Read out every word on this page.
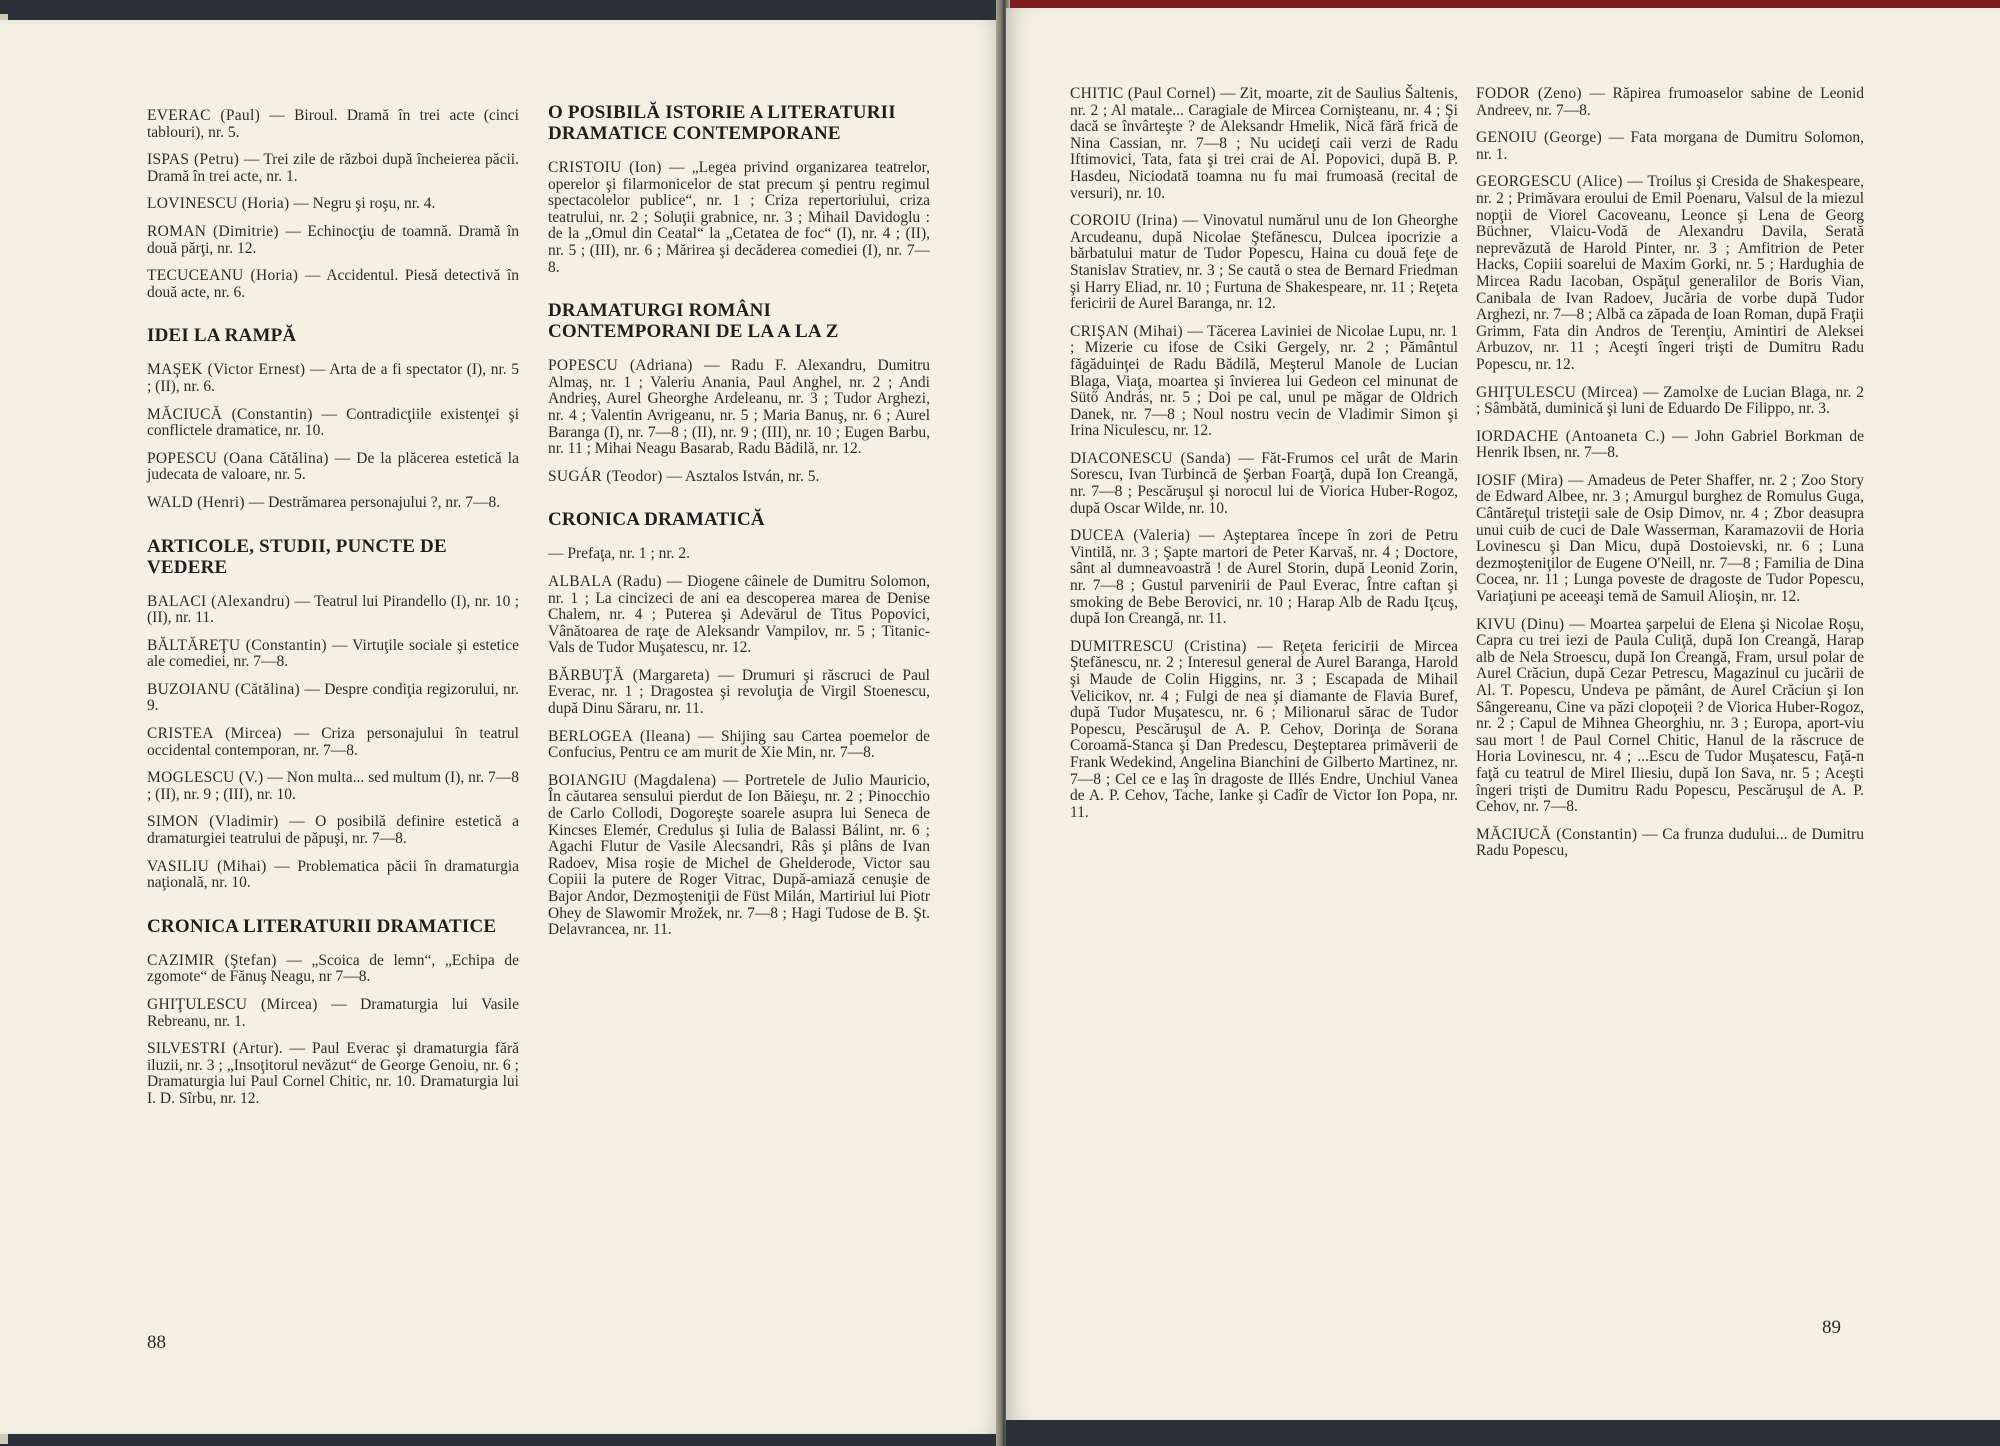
EVERAC (Paul) — Biroul. Dramă în trei acte (cinci tablouri), nr. 5.
ISPAS (Petru) — Trei zile de război după încheierea păcii. Dramă în trei acte, nr. 1.
LOVINESCU (Horia) — Negru şi roşu, nr. 4.
ROMAN (Dimitrie) — Echinocţiu de toamnă. Dramă în două părţi, nr. 12.
TECUCEANU (Horia) — Accidentul. Piesă detectivă în două acte, nr. 6.
IDEI LA RAMPĂ
MAŞEK (Victor Ernest) — Arta de a fi spectator (I), nr. 5 ; (II), nr. 6.
MĂCIUCĂ (Constantin) — Contradicţiile existenţei şi conflictele dramatice, nr. 10.
POPESCU (Oana Cătălina) — De la plăcerea estetică la judecata de valoare, nr. 5.
WALD (Henri) — Destrămarea personajului ?, nr. 7—8.
ARTICOLE, STUDII, PUNCTE DE VEDERE
BALACI (Alexandru) — Teatrul lui Pirandello (I), nr. 10 ; (II), nr. 11.
BĂLTĂREŢU (Constantin) — Virtuţile sociale şi estetice ale comediei, nr. 7—8.
BUZOIANU (Cătălina) — Despre condiţia regizorului, nr. 9.
CRISTEA (Mircea) — Criza personajului în teatrul occidental contemporan, nr. 7—8.
MOGLESCU (V.) — Non multa... sed multum (I), nr. 7—8 ; (II), nr. 9 ; (III), nr. 10.
SIMON (Vladimir) — O posibilă definire estetică a dramaturgiei teatrului de păpuşi, nr. 7—8.
VASILIU (Mihai) — Problematica păcii în dramaturgia naţională, nr. 10.
CRONICA LITERATURII DRAMATICE
CAZIMIR (Ştefan) — „Scoica de lemn“, „Echipa de zgomote“ de Fănuş Neagu, nr 7—8.
GHIŢULESCU (Mircea) — Dramaturgia lui Vasile Rebreanu, nr. 1.
SILVESTRI (Artur). — Paul Everac şi dramaturgia fără iluzii, nr. 3 ; „Insoţitorul nevăzut“ de George Genoiu, nr. 6 ; Dramaturgia lui Paul Cornel Chitic, nr. 10. Dramaturgia lui I. D. Sîrbu, nr. 12.
O POSIBILĂ ISTORIE A LITERATURII DRAMATICE CONTEMPORANE
CRISTOIU (Ion) — „Legea privind organizarea teatrelor, operelor şi filarmonicelor de stat precum şi pentru regimul spectacolelor publice“, nr. 1 ; Criza repertoriului, criza teatrului, nr. 2 ; Soluţii grabnice, nr. 3 ; Mihail Davidoglu : de la „Omul din Ceatal“ la „Cetatea de foc“ (I), nr. 4 ; (II), nr. 5 ; (III), nr. 6 ; Mărirea şi decăderea comediei (I), nr. 7—8.
DRAMATURGI ROMÂNI CONTEMPORANI DE LA A LA Z
POPESCU (Adriana) — Radu F. Alexandru, Dumitru Almaş, nr. 1 ; Valeriu Anania, Paul Anghel, nr. 2 ; Andi Andrieş, Aurel Gheorghe Ardeleanu, nr. 3 ; Tudor Arghezi, nr. 4 ; Valentin Avrigeanu, nr. 5 ; Maria Banuş, nr. 6 ; Aurel Baranga (I), nr. 7—8 ; (II), nr. 9 ; (III), nr. 10 ; Eugen Barbu, nr. 11 ; Mihai Neagu Basarab, Radu Bădilă, nr. 12.
SUGÁR (Teodor) — Asztalos István, nr. 5.
CRONICA DRAMATICĂ
— Prefaţa, nr. 1 ; nr. 2.
ALBALA (Radu) — Diogene câinele de Dumitru Solomon, nr. 1 ; La cincizeci de ani ea descoperea marea de Denise Chalem, nr. 4 ; Puterea şi Adevărul de Titus Popovici, Vânătoarea de raţe de Aleksandr Vampilov, nr. 5 ; Titanic-Vals de Tudor Muşatescu, nr. 12.
BĂRBUŢĂ (Margareta) — Drumuri şi răscruci de Paul Everac, nr. 1 ; Dragostea şi revoluţia de Virgil Stoenescu, după Dinu Săraru, nr. 11.
BERLOGEA (Ileana) — Shijing sau Cartea poemelor de Confucius, Pentru ce am murit de Xie Min, nr. 7—8.
BOIANGIU (Magdalena) — Portretele de Julio Mauricio, În căutarea sensului pierdut de Ion Băieşu, nr. 2 ; Pinocchio de Carlo Collodi, Dogoreşte soarele asupra lui Seneca de Kincses Elemér, Credulus şi Iulia de Balassi Bálint, nr. 6 ; Agachi Flutur de Vasile Alecsandri, Râs şi plâns de Ivan Radoev, Misa roşie de Michel de Ghelderode, Victor sau Copiii la putere de Roger Vitrac, După-amiază cenuşie de Bajor Andor, Dezmoşteniţii de Füst Milán, Martiriul lui Piotr Ohey de Slawomir Mrožek, nr. 7—8 ; Hagi Tudose de B. Şt. Delavrancea, nr. 11.
88
CHITIC (Paul Cornel) — Zit, moarte, zit de Saulius Šaltenis, nr. 2 ; Al matale... Caragiale de Mircea Cornişteanu, nr. 4 ; Şi dacă se învârteşte ? de Aleksandr Hmelik, Nică fără frică de Nina Cassian, nr. 7—8 ; Nu ucideţi caii verzi de Radu Iftimovici, Tata, fata şi trei crai de Al. Popovici, după B. P. Hasdeu, Niciodată toamna nu fu mai frumoasă (recital de versuri), nr. 10.
COROIU (Irina) — Vinovatul numărul unu de Ion Gheorghe Arcudeanu, după Nicolae Ştefănescu, Dulcea ipocrizie a bărbatului matur de Tudor Popescu, Haina cu două feţe de Stanislav Stratiev, nr. 3 ; Se caută o stea de Bernard Friedman şi Harry Eliad, nr. 10 ; Furtuna de Shakespeare, nr. 11 ; Reţeta fericirii de Aurel Baranga, nr. 12.
CRIŞAN (Mihai) — Tăcerea Laviniei de Nicolae Lupu, nr. 1 ; Mizerie cu ifose de Csiki Gergely, nr. 2 ; Pământul făgăduinţei de Radu Bădilă, Meşterul Manole de Lucian Blaga, Viaţa, moartea şi învierea lui Gedeon cel minunat de Sütő András, nr. 5 ; Doi pe cal, unul pe măgar de Oldrich Danek, nr. 7—8 ; Noul nostru vecin de Vladimir Simon şi Irina Niculescu, nr. 12.
DIACONESCU (Sanda) — Făt-Frumos cel urât de Marin Sorescu, Ivan Turbincă de Şerban Foarţă, după Ion Creangă, nr. 7—8 ; Pescăruşul şi norocul lui de Viorica Huber-Rogoz, după Oscar Wilde, nr. 10.
DUCEA (Valeria) — Aşteptarea începe în zori de Petru Vintilă, nr. 3 ; Şapte martori de Peter Karvaš, nr. 4 ; Doctore, sânt al dumneavoastră ! de Aurel Storin, după Leonid Zorin, nr. 7—8 ; Gustul parvenirii de Paul Everac, Între caftan şi smoking de Bebe Berovici, nr. 10 ; Harap Alb de Radu Iţcuş, după Ion Creangă, nr. 11.
DUMITRESCU (Cristina) — Reţeta fericirii de Mircea Ştefănescu, nr. 2 ; Interesul general de Aurel Baranga, Harold şi Maude de Colin Higgins, nr. 3 ; Escapada de Mihail Velicikov, nr. 4 ; Fulgi de nea şi diamante de Flavia Buref, după Tudor Muşatescu, nr. 6 ; Milionarul sărac de Tudor Popescu, Pescăruşul de A. P. Cehov, Dorinţa de Sorana Coroamă-Stanca şi Dan Predescu, Deşteptarea primăverii de Frank Wedekind, Angelina Bianchini de Gilberto Martinez, nr. 7—8 ; Cel ce e laş în dragoste de Illés Endre, Unchiul Vanea de A. P. Cehov, Tache, Ianke şi Cadîr de Victor Ion Popa, nr. 11.
FODOR (Zeno) — Răpirea frumoaselor sabine de Leonid Andreev, nr. 7—8.
GENOIU (George) — Fata morgana de Dumitru Solomon, nr. 1.
GEORGESCU (Alice) — Troilus şi Cresida de Shakespeare, nr. 2 ; Primăvara eroului de Emil Poenaru, Valsul de la miezul nopţii de Viorel Cacoveanu, Leonce şi Lena de Georg Büchner, Vlaicu-Vodă de Alexandru Davila, Serată neprevăzută de Harold Pinter, nr. 3 ; Amfitrion de Peter Hacks, Copiii soarelui de Maxim Gorki, nr. 5 ; Hardughia de Mircea Radu Iacoban, Ospăţul generalilor de Boris Vian, Canibala de Ivan Radoev, Jucăria de vorbe după Tudor Arghezi, nr. 7—8 ; Albă ca zăpada de Ioan Roman, după Fraţii Grimm, Fata din Andros de Terenţiu, Amintiri de Aleksei Arbuzov, nr. 11 ; Aceşti îngeri trişti de Dumitru Radu Popescu, nr. 12.
GHIŢULESCU (Mircea) — Zamolxe de Lucian Blaga, nr. 2 ; Sâmbătă, duminică şi luni de Eduardo De Filippo, nr. 3.
IORDACHE (Antoaneta C.) — John Gabriel Borkman de Henrik Ibsen, nr. 7—8.
IOSIF (Mira) — Amadeus de Peter Shaffer, nr. 2 ; Zoo Story de Edward Albee, nr. 3 ; Amurgul burghez de Romulus Guga, Cântăreţul tristeţii sale de Osip Dimov, nr. 4 ; Zbor deasupra unui cuib de cuci de Dale Wasserman, Karamazovii de Horia Lovinescu şi Dan Micu, după Dostoievski, nr. 6 ; Luna dezmoşteniţilor de Eugene O'Neill, nr. 7—8 ; Familia de Dina Cocea, nr. 11 ; Lunga poveste de dragoste de Tudor Popescu, Variaţiuni pe aceeaşi temă de Samuil Alioşin, nr. 12.
KIVU (Dinu) — Moartea şarpelui de Elena şi Nicolae Roşu, Capra cu trei iezi de Paula Culiţă, după Ion Creangă, Harap alb de Nela Stroescu, după Ion Creangă, Fram, ursul polar de Aurel Crăciun, după Cezar Petrescu, Magazinul cu jucării de Al. T. Popescu, Undeva pe pământ, de Aurel Crăciun şi Ion Sângereanu, Cine va păzi clopoţeii ? de Viorica Huber-Rogoz, nr. 2 ; Capul de Mihnea Gheorghiu, nr. 3 ; Europa, aport-viu sau mort ! de Paul Cornel Chitic, Hanul de la răscruce de Horia Lovinescu, nr. 4 ; ...Escu de Tudor Muşatescu, Faţă-n faţă cu teatrul de Mirel Iliesiu, după Ion Sava, nr. 5 ; Aceşti îngeri trişti de Dumitru Radu Popescu, Pescăruşul de A. P. Cehov, nr. 7—8.
MĂCIUCĂ (Constantin) — Ca frunza dudului... de Dumitru Radu Popescu,
89
